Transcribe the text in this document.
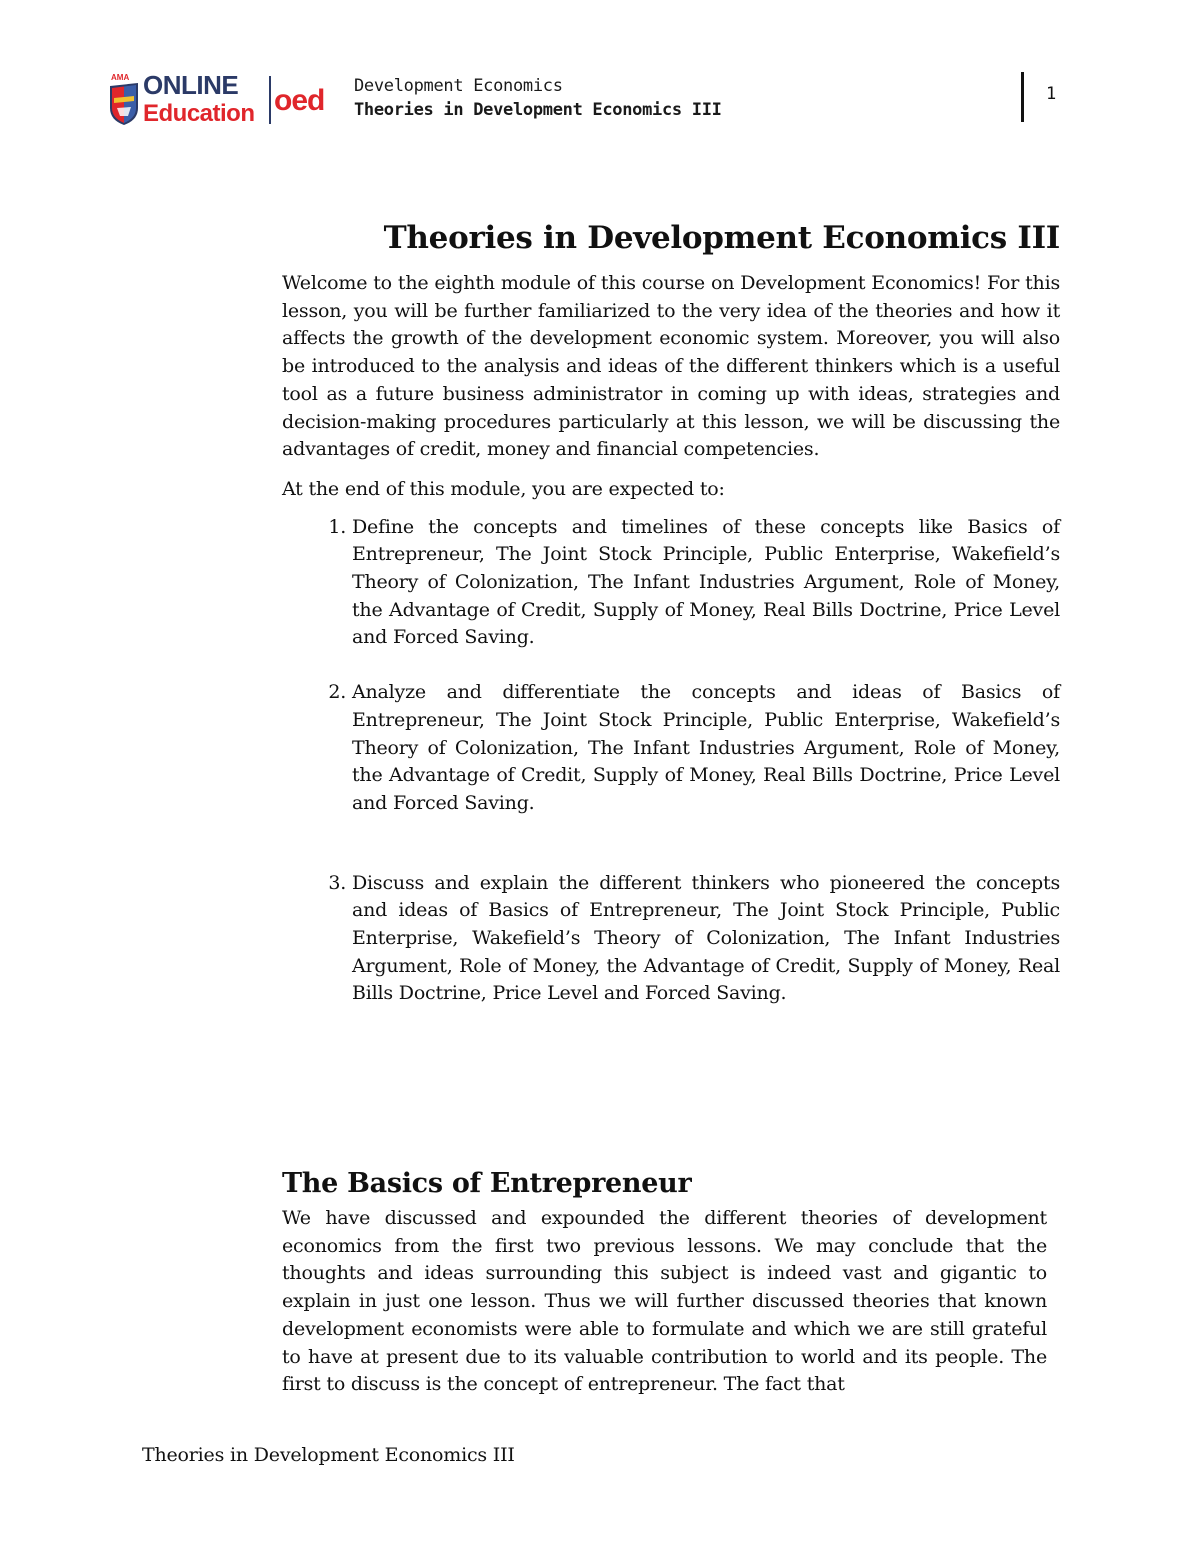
AMA ONLINE
Education oed Development Economics
Theories in Development Economics III
1
Theories in Development Economics III

Welcome to the eighth module of this course on Development Economics! For this lesson, you will be further familiarized to the very idea of the theories and how it affects the growth of the development economic system. Moreover, you will also be introduced to the analysis and ideas of the different thinkers which is a useful tool as a future business administrator in coming up with ideas, strategies and decision-making procedures particularly at this lesson, we will be discussing the advantages of credit, money and financial competencies.

At the end of this module, you are expected to:

1. Define the concepts and timelines of these concepts like Basics of Entrepreneur, The Joint Stock Principle, Public Enterprise, Wakefield’s Theory of Colonization, The Infant Industries Argument, Role of Money, the Advantage of Credit, Supply of Money, Real Bills Doctrine, Price Level and Forced Saving.
2. Analyze and differentiate the concepts and ideas of Basics of Entrepreneur, The Joint Stock Principle, Public Enterprise, Wakefield’s Theory of Colonization, The Infant Industries Argument, Role of Money, the Advantage of Credit, Supply of Money, Real Bills Doctrine, Price Level and Forced Saving.
3. Discuss and explain the different thinkers who pioneered the concepts and ideas of Basics of Entrepreneur, The Joint Stock Principle, Public Enterprise, Wakefield’s Theory of Colonization, The Infant Industries Argument, Role of Money, the Advantage of Credit, Supply of Money, Real Bills Doctrine, Price Level and Forced Saving.
The Basics of Entrepreneur

We have discussed and expounded the different theories of development economics from the first two previous lessons. We may conclude that the thoughts and ideas surrounding this subject is indeed vast and gigantic to explain in just one lesson. Thus we will further discussed theories that known development economists were able to formulate and which we are still grateful to have at present due to its valuable contribution to world and its people. The first to discuss is the concept of entrepreneur. The fact that

Theories in Development Economics III
